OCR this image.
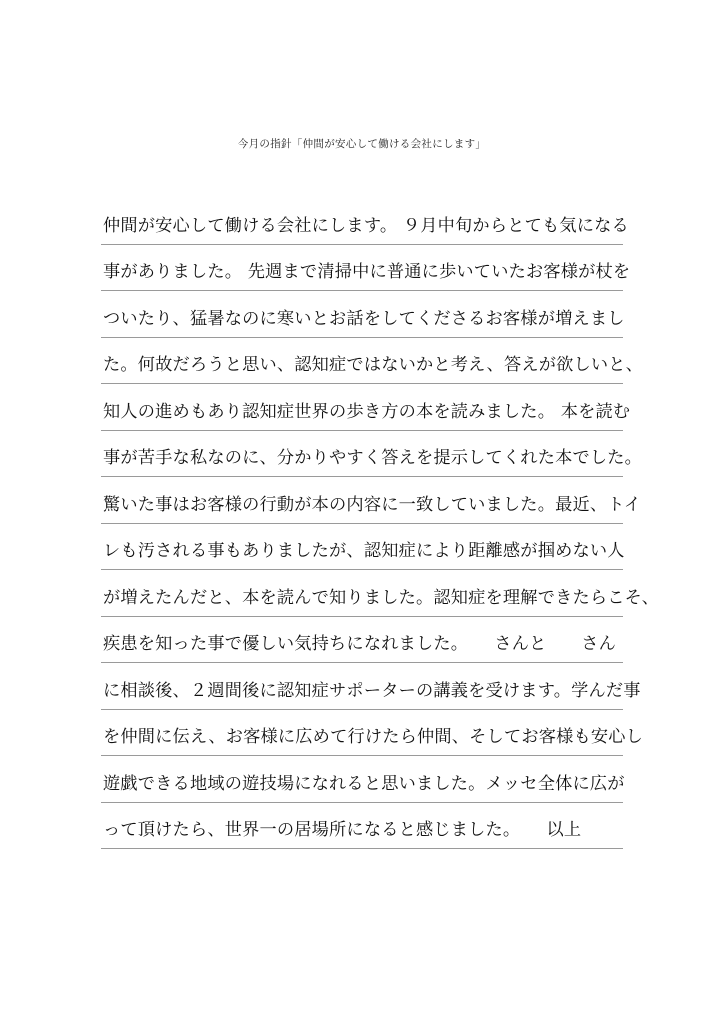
今月の指針「仲間が安心して働ける会社にします」
仲間が安心して働ける会社にします。 ９月中旬からとても気になる
事がありました。 先週まで清掃中に普通に歩いていたお客様が杖を
ついたり、猛暑なのに寒いとお話をしてくださるお客様が増えまし
た。何故だろうと思い、認知症ではないかと考え、答えが欲しいと、
知人の進めもあり認知症世界の歩き方の本を読みました。 本を読む
事が苦手な私なのに、分かりやすく答えを提示してくれた本でした。
驚いた事はお客様の行動が本の内容に一致していました。最近、トイ
レも汚される事もありましたが、認知症により距離感が掴めない人
が増えたんだと、本を読んで知りました。認知症を理解できたらこそ、
疾患を知った事で優しい気持ちになれました。　　さんと　　さん
に相談後、２週間後に認知症サポーターの講義を受けます。学んだ事
を仲間に伝え、お客様に広めて行けたら仲間、そしてお客様も安心し
遊戯できる地域の遊技場になれると思いました。メッセ全体に広が
って頂けたら、世界一の居場所になると感じました。　　以上
